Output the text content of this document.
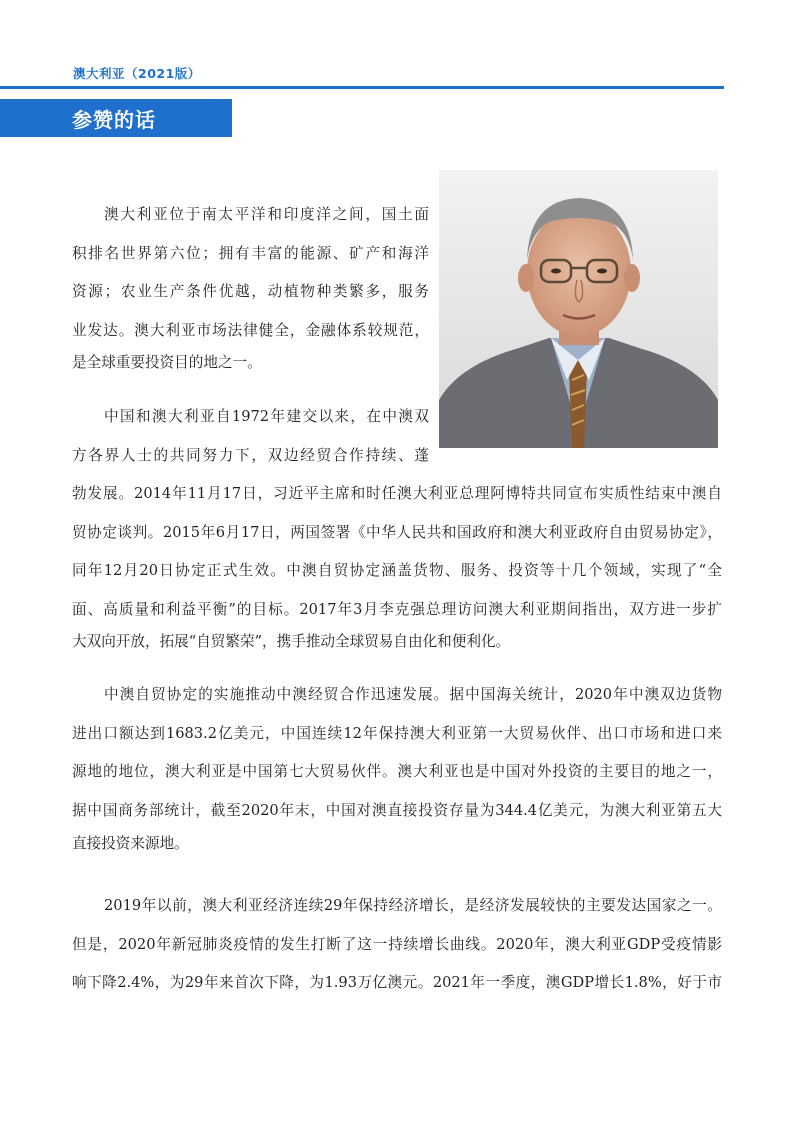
澳大利亚（2021版）
参赞的话
澳大利亚位于南太平洋和印度洋之间，国土面
积排名世界第六位；拥有丰富的能源、矿产和海洋
资源；农业生产条件优越，动植物种类繁多，服务
业发达。澳大利亚市场法律健全，金融体系较规范，
是全球重要投资目的地之一。
中国和澳大利亚自1972年建交以来，在中澳双
方各界人士的共同努力下，双边经贸合作持续、蓬
勃发展。2014年11月17日，习近平主席和时任澳大利亚总理阿博特共同宣布实质性结束中澳自
贸协定谈判。2015年6月17日，两国签署《中华人民共和国政府和澳大利亚政府自由贸易协定》，
同年12月20日协定正式生效。中澳自贸协定涵盖货物、服务、投资等十几个领域，实现了“全
面、高质量和利益平衡”的目标。2017年3月李克强总理访问澳大利亚期间指出，双方进一步扩
大双向开放，拓展“自贸繁荣”，携手推动全球贸易自由化和便利化。
中澳自贸协定的实施推动中澳经贸合作迅速发展。据中国海关统计，2020年中澳双边货物
进出口额达到1683.2亿美元，中国连续12年保持澳大利亚第一大贸易伙伴、出口市场和进口来
源地的地位，澳大利亚是中国第七大贸易伙伴。澳大利亚也是中国对外投资的主要目的地之一，
据中国商务部统计，截至2020年末，中国对澳直接投资存量为344.4亿美元，为澳大利亚第五大
直接投资来源地。
2019年以前，澳大利亚经济连续29年保持经济增长，是经济发展较快的主要发达国家之一。
但是，2020年新冠肺炎疫情的发生打断了这一持续增长曲线。2020年，澳大利亚GDP受疫情影
响下降2.4%，为29年来首次下降，为1.93万亿澳元。2021年一季度，澳GDP增长1.8%，好于市
